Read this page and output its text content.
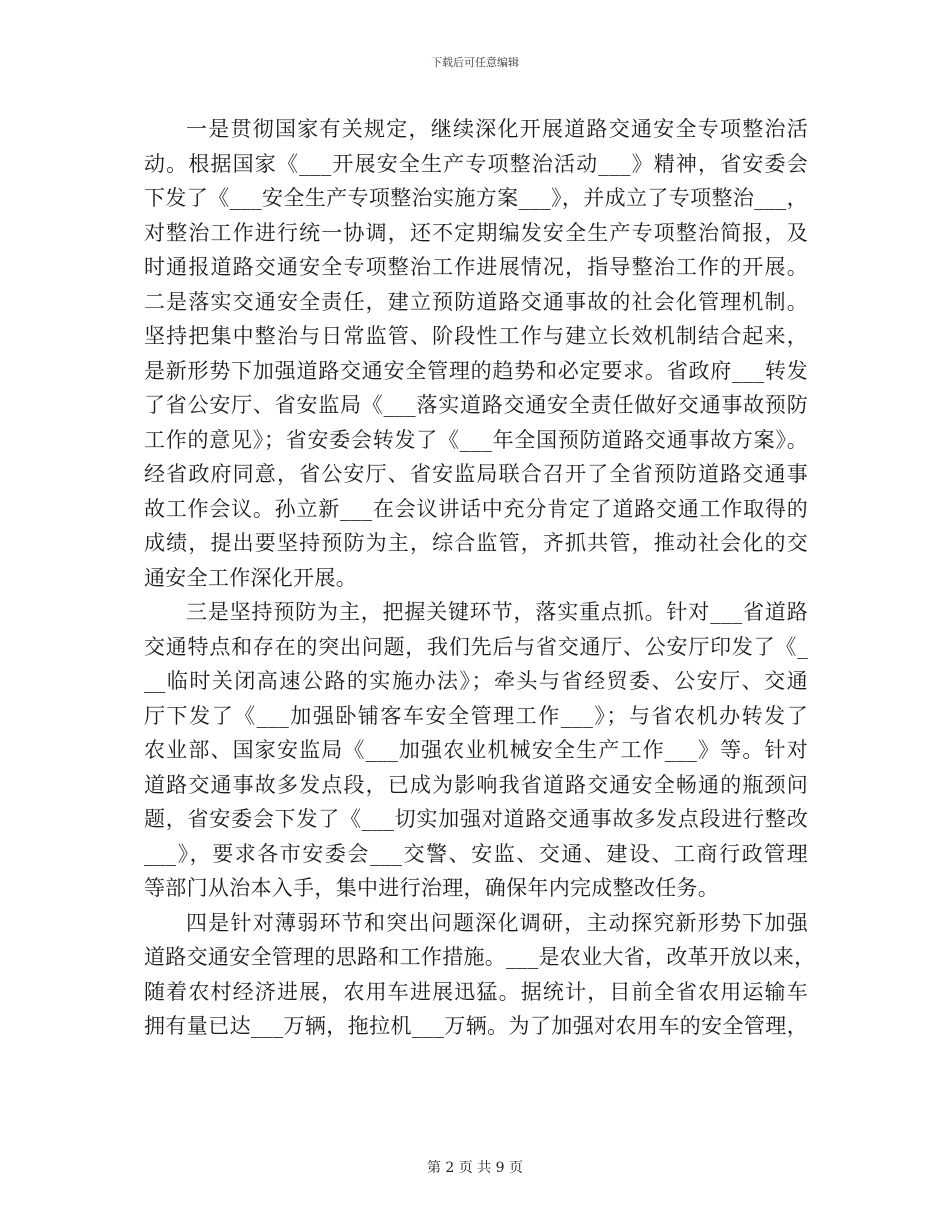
下载后可任意编辑
一是贯彻国家有关规定，继续深化开展道路交通安全专项整治活
动。根据国家《___开展安全生产专项整治活动___》精神，省安委会
下发了《___安全生产专项整治实施方案___》，并成立了专项整治___，
对整治工作进行统一协调，还不定期编发安全生产专项整治简报，及
时通报道路交通安全专项整治工作进展情况，指导整治工作的开展。
二是落实交通安全责任，建立预防道路交通事故的社会化管理机制。
坚持把集中整治与日常监管、阶段性工作与建立长效机制结合起来，
是新形势下加强道路交通安全管理的趋势和必定要求。省政府___转发
了省公安厅、省安监局《___落实道路交通安全责任做好交通事故预防
工作的意见》；省安委会转发了《___年全国预防道路交通事故方案》。
经省政府同意，省公安厅、省安监局联合召开了全省预防道路交通事
故工作会议。孙立新___在会议讲话中充分肯定了道路交通工作取得的
成绩，提出要坚持预防为主，综合监管，齐抓共管，推动社会化的交
通安全工作深化开展。
三是坚持预防为主，把握关键环节，落实重点抓。针对___省道路
交通特点和存在的突出问题，我们先后与省交通厅、公安厅印发了《_
__临时关闭高速公路的实施办法》；牵头与省经贸委、公安厅、交通
厅下发了《___加强卧铺客车安全管理工作___》；与省农机办转发了
农业部、国家安监局《___加强农业机械安全生产工作___》等。针对
道路交通事故多发点段，已成为影响我省道路交通安全畅通的瓶颈问
题，省安委会下发了《___切实加强对道路交通事故多发点段进行整改
___》，要求各市安委会___交警、安监、交通、建设、工商行政管理
等部门从治本入手，集中进行治理，确保年内完成整改任务。
四是针对薄弱环节和突出问题深化调研，主动探究新形势下加强
道路交通安全管理的思路和工作措施。___是农业大省，改革开放以来，
随着农村经济进展，农用车进展迅猛。据统计，目前全省农用运输车
拥有量已达___万辆，拖拉机___万辆。为了加强对农用车的安全管理，
第 2 页 共 9 页
